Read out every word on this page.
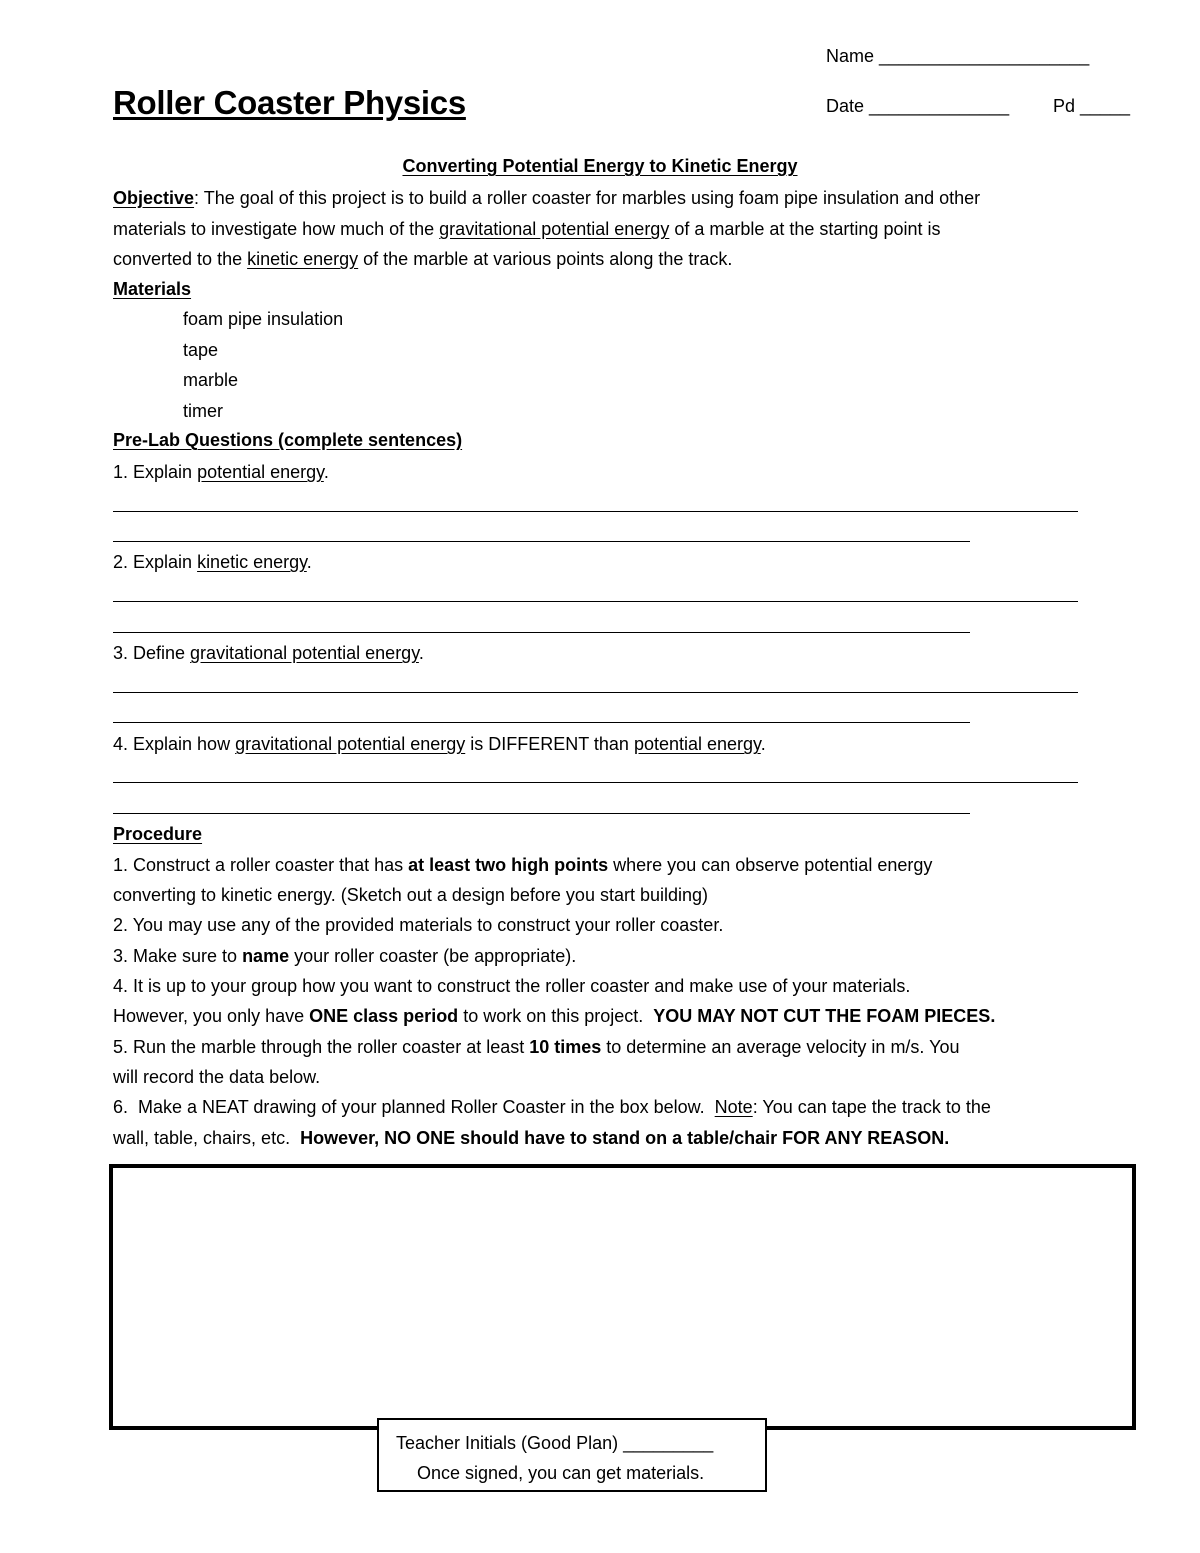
Name _____________________
Roller Coaster Physics	Date ______________ Pd _____
Converting Potential Energy to Kinetic Energy
Objective: The goal of this project is to build a roller coaster for marbles using foam pipe insulation and other
materials to investigate how much of the gravitational potential energy of a marble at the starting point is
converted to the kinetic energy of the marble at various points along the track.
Materials
foam pipe insulation
tape
marble
timer
Pre-Lab Questions (complete sentences)
1. Explain potential energy.
2. Explain kinetic energy.
3. Define gravitational potential energy.
4. Explain how gravitational potential energy is DIFFERENT than potential energy.
Procedure
1. Construct a roller coaster that has at least two high points where you can observe potential energy
converting to kinetic energy. (Sketch out a design before you start building)
2. You may use any of the provided materials to construct your roller coaster.
3. Make sure to name your roller coaster (be appropriate).
4. It is up to your group how you want to construct the roller coaster and make use of your materials.
However, you only have ONE class period to work on this project.  YOU MAY NOT CUT THE FOAM PIECES.
5. Run the marble through the roller coaster at least 10 times to determine an average velocity in m/s. You
will record the data below.
6.  Make a NEAT drawing of your planned Roller Coaster in the box below.  Note: You can tape the track to the
wall, table, chairs, etc.  However, NO ONE should have to stand on a table/chair FOR ANY REASON.
Teacher Initials (Good Plan) _________
Once signed, you can get materials.
